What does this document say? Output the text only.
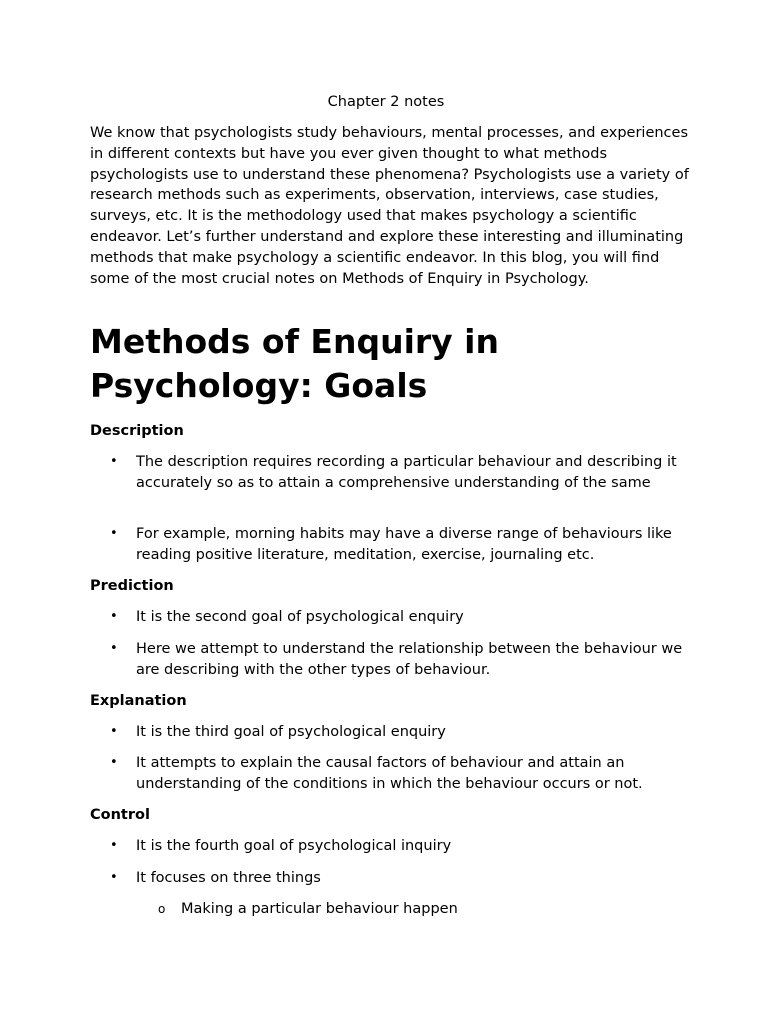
Chapter 2 notes

We know that psychologists study behaviours, mental processes, and experiences in different contexts but have you ever given thought to what methods psychologists use to understand these phenomena? Psychologists use a variety of research methods such as experiments, observation, interviews, case studies, surveys, etc. It is the methodology used that makes psychology a scientific endeavor. Let’s further understand and explore these interesting and illuminating methods that make psychology a scientific endeavor. In this blog, you will find some of the most crucial notes on Methods of Enquiry in Psychology.

Methods of Enquiry in Psychology: Goals
Description
• The description requires recording a particular behaviour and describing it accurately so as to attain a comprehensive understanding of the same
• For example, morning habits may have a diverse range of behaviours like reading positive literature, meditation, exercise, journaling etc.
Prediction
• It is the second goal of psychological enquiry
• Here we attempt to understand the relationship between the behaviour we are describing with the other types of behaviour.
Explanation
• It is the third goal of psychological enquiry
• It attempts to explain the causal factors of behaviour and attain an understanding of the conditions in which the behaviour occurs or not.
Control
• It is the fourth goal of psychological inquiry
• It focuses on three things
o Making a particular behaviour happen
